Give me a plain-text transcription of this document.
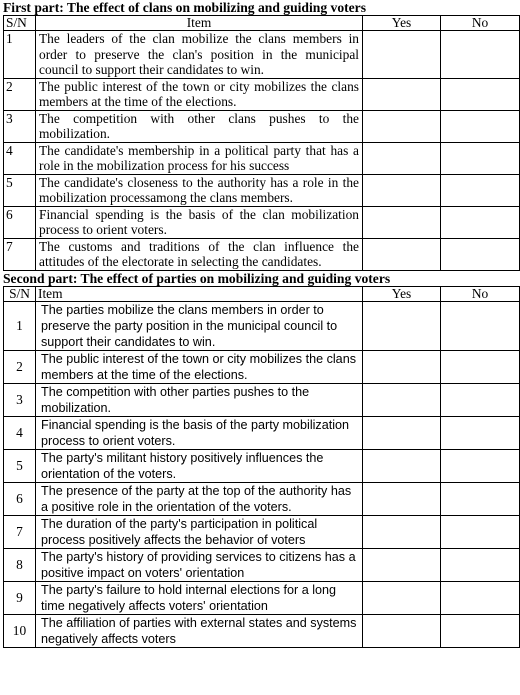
First part: The effect of clans on mobilizing and guiding voters
S/N	Item	Yes	No
1	The leaders of the clan mobilize the clans members in order to preserve the clan's position in the municipal council to support their candidates to win.		
2	The public interest of the town or city mobilizes the clans members at the time of the elections.		
3	The competition with other clans pushes to the mobilization.		
4	The candidate's membership in a political party that has a role in the mobilization process for his success		
5	The candidate's closeness to the authority has a role in the mobilization processamong the clans members.		
6	Financial spending is the basis of the clan mobilization process to orient voters.		
7	The customs and traditions of the clan influence the attitudes of the electorate in selecting the candidates.		
Second part: The effect of parties on mobilizing and guiding voters
S/N	Item	Yes	No
1	The parties mobilize the clans members in order to preserve the party position in the municipal council to support their candidates to win.		
2	The public interest of the town or city mobilizes the clans members at the time of the elections.		
3	The competition with other parties pushes to the mobilization.		
4	Financial spending is the basis of the party mobilization process to orient voters.		
5	The party's militant history positively influences the orientation of the voters.		
6	The presence of the party at the top of the authority has a positive role in the orientation of the voters.		
7	The duration of the party's participation in political process positively affects the behavior of voters		
8	The party's history of providing services to citizens has a positive impact on voters' orientation		
9	The party's failure to hold internal elections for a long time negatively affects voters' orientation		
10	The affiliation of parties with external states and systems negatively affects voters		
